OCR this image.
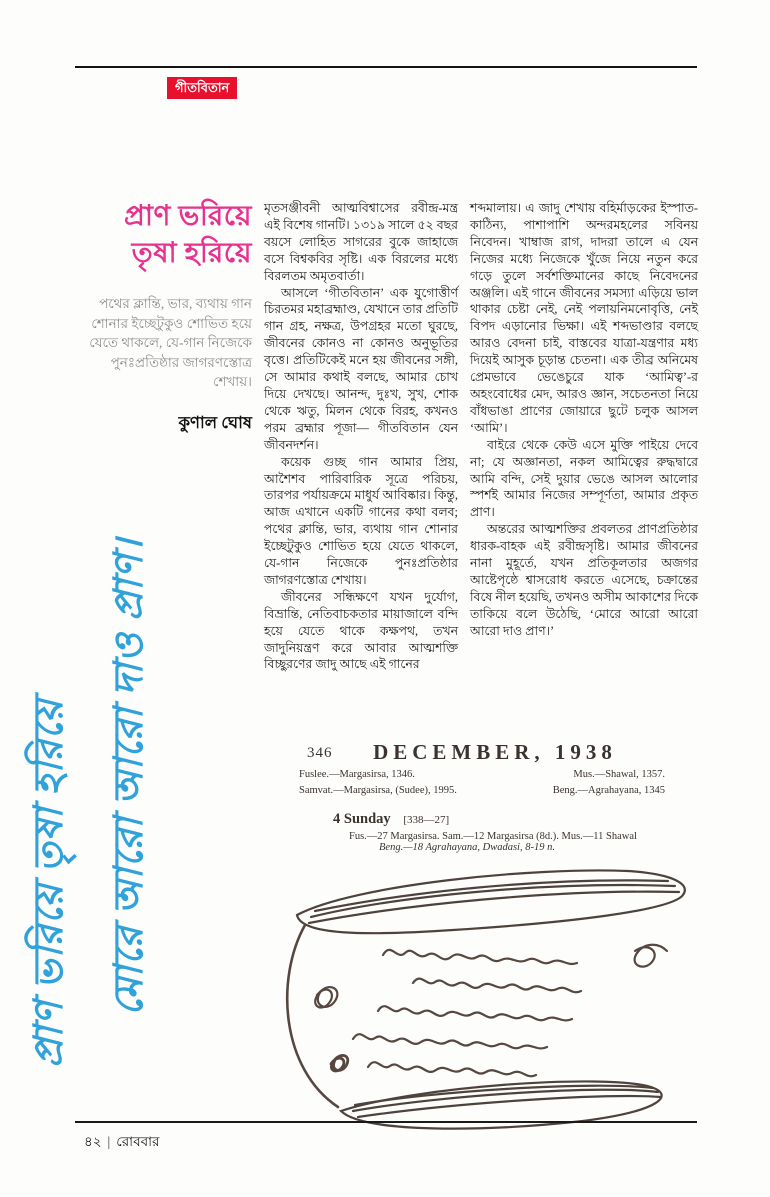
গীতবিতান
প্রাণ ভরিয়ে
তৃষা হরিয়ে
পথের ক্লান্তি, ভার, ব্যথায় গান শোনার ইচ্ছেটুকুও শোভিত হয়ে যেতে থাকলে, যে-গান নিজেকে পুনঃপ্রতিষ্ঠার জাগরণস্তোত্র শেখায়।
কুণাল ঘোষ

মৃতসঞ্জীবনী আত্মবিশ্বাসের রবীন্দ্র-মন্ত্র এই বিশেষ গানটি। ১৩১৯ সালে ৫২ বছর বয়সে লোহিত সাগরের বুকে জাহাজে বসে বিশ্বকবির সৃষ্টি। এক বিরলের মধ্যে বিরলতম অমৃতবার্তা।

আসলে ‘গীতবিতান’ এক যুগোত্তীর্ণ চিরতমর মহাব্রহ্মাণ্ড, যেখানে তার প্রতিটি গান গ্রহ, নক্ষত্র, উপগ্রহর মতো ঘুরছে, জীবনের কোনও না কোনও অনুভূতির বৃত্তে। প্রতিটিকেই মনে হয় জীবনের সঙ্গী, সে আমার কথাই বলছে, আমার চোখ দিয়ে দেখছে। আনন্দ, দুঃখ, সুখ, শোক থেকে ঋতু, মিলন থেকে বিরহ, কখনও পরম ব্রহ্মার পূজা— গীতবিতান যেন জীবনদর্শন।

কয়েক গুচ্ছ গান আমার প্রিয়, আশৈশব পারিবারিক সূত্রে পরিচয়, তারপর পর্যায়ক্রমে মাধুর্য আবিষ্কার। কিন্তু, আজ এখানে একটি গানের কথা বলব; পথের ক্লান্তি, ভার, ব্যথায় গান শোনার ইচ্ছেটুকুও শোভিত হয়ে যেতে থাকলে, যে-গান নিজেকে পুনঃপ্রতিষ্ঠার জাগরণস্তোত্র শেখায়।

জীবনের সন্ধিক্ষণে যখন দুর্যোগ, বিভ্রান্তি, নেতিবাচকতার মায়াজালে বন্দি হয়ে যেতে থাকে কক্ষপথ, তখন জাদুনিয়ন্ত্রণ করে আবার আত্মশক্তি বিচ্ছুরণের জাদু আছে এই গানের

শব্দমালায়। এ জাদু শেখায় বহির্মাড়কের ইস্পাত-কাঠিন্য, পাশাপাশি অন্দরমহলের সবিনয় নিবেদন। খাম্বাজ রাগ, দাদরা তালে এ যেন নিজের মধ্যে নিজেকে খুঁজে নিয়ে নতুন করে গড়ে তুলে সর্বশক্তিমানের কাছে নিবেদনের অঞ্জলি। এই গানে জীবনের সমস্যা এড়িয়ে ভাল থাকার চেষ্টা নেই, নেই পলায়নিমনোবৃত্তি, নেই বিপদ এড়ানোর ভিক্ষা। এই শব্দভাণ্ডার বলছে আরও বেদনা চাই, বাস্তবের যাত্রা-যন্ত্রণার মধ্য দিয়েই আসুক চূড়ান্ত চেতনা। এক তীব্র অনিমেষ প্রেমভাবে ভেঙেচুরে যাক ‘আমিত্ব’-র অহংবোধের মেদ, আরও জ্ঞান, সচেতনতা নিয়ে বাঁধভাঙা প্রাণের জোয়ারে ছুটে চলুক আসল ‘আমি’।

বাইরে থেকে কেউ এসে মুক্তি পাইয়ে দেবে না; যে অজ্ঞানতা, নকল আমিত্বের রুদ্ধদ্বারে আমি বন্দি, সেই দুয়ার ভেঙে আসল আলোর স্পর্শই আমার নিজের সম্পূর্ণতা, আমার প্রকৃত প্রাণ।

অন্তরের আত্মশক্তির প্রবলতর প্রাণপ্রতিষ্ঠার ধারক-বাহক এই রবীন্দ্রসৃষ্টি। আমার জীবনের নানা মুহূর্তে, যখন প্রতিকূলতার অজগর আষ্টেপৃষ্ঠে শ্বাসরোধ করতে এসেছে, চক্রান্তের বিষে নীল হয়েছি, তখনও অসীম আকাশের দিকে তাকিয়ে বলে উঠেছি, ‘মোরে আরো আরো আরো দাও প্রাণ।’

প্রাণ ভরিয়ে তৃষা হরিয়ে মোরে আরো আরো দাও প্রাণ।	346 DECEMBER, 1938
Fuslee.—Margasirsa, 1346.	Mus.—Shawal, 1357.
Samvat.—Margasirsa, (Sudee), 1995.	Beng.—Agrahayana, 1345
4 Sunday [338—27]
Fus.—27 Margasirsa. Sam.—12 Margasirsa (8d.). Mus.—11 Shawal
Beng.—18 Agrahayana, Dwadasi, 8-19 n.
৪২ | রোববার
